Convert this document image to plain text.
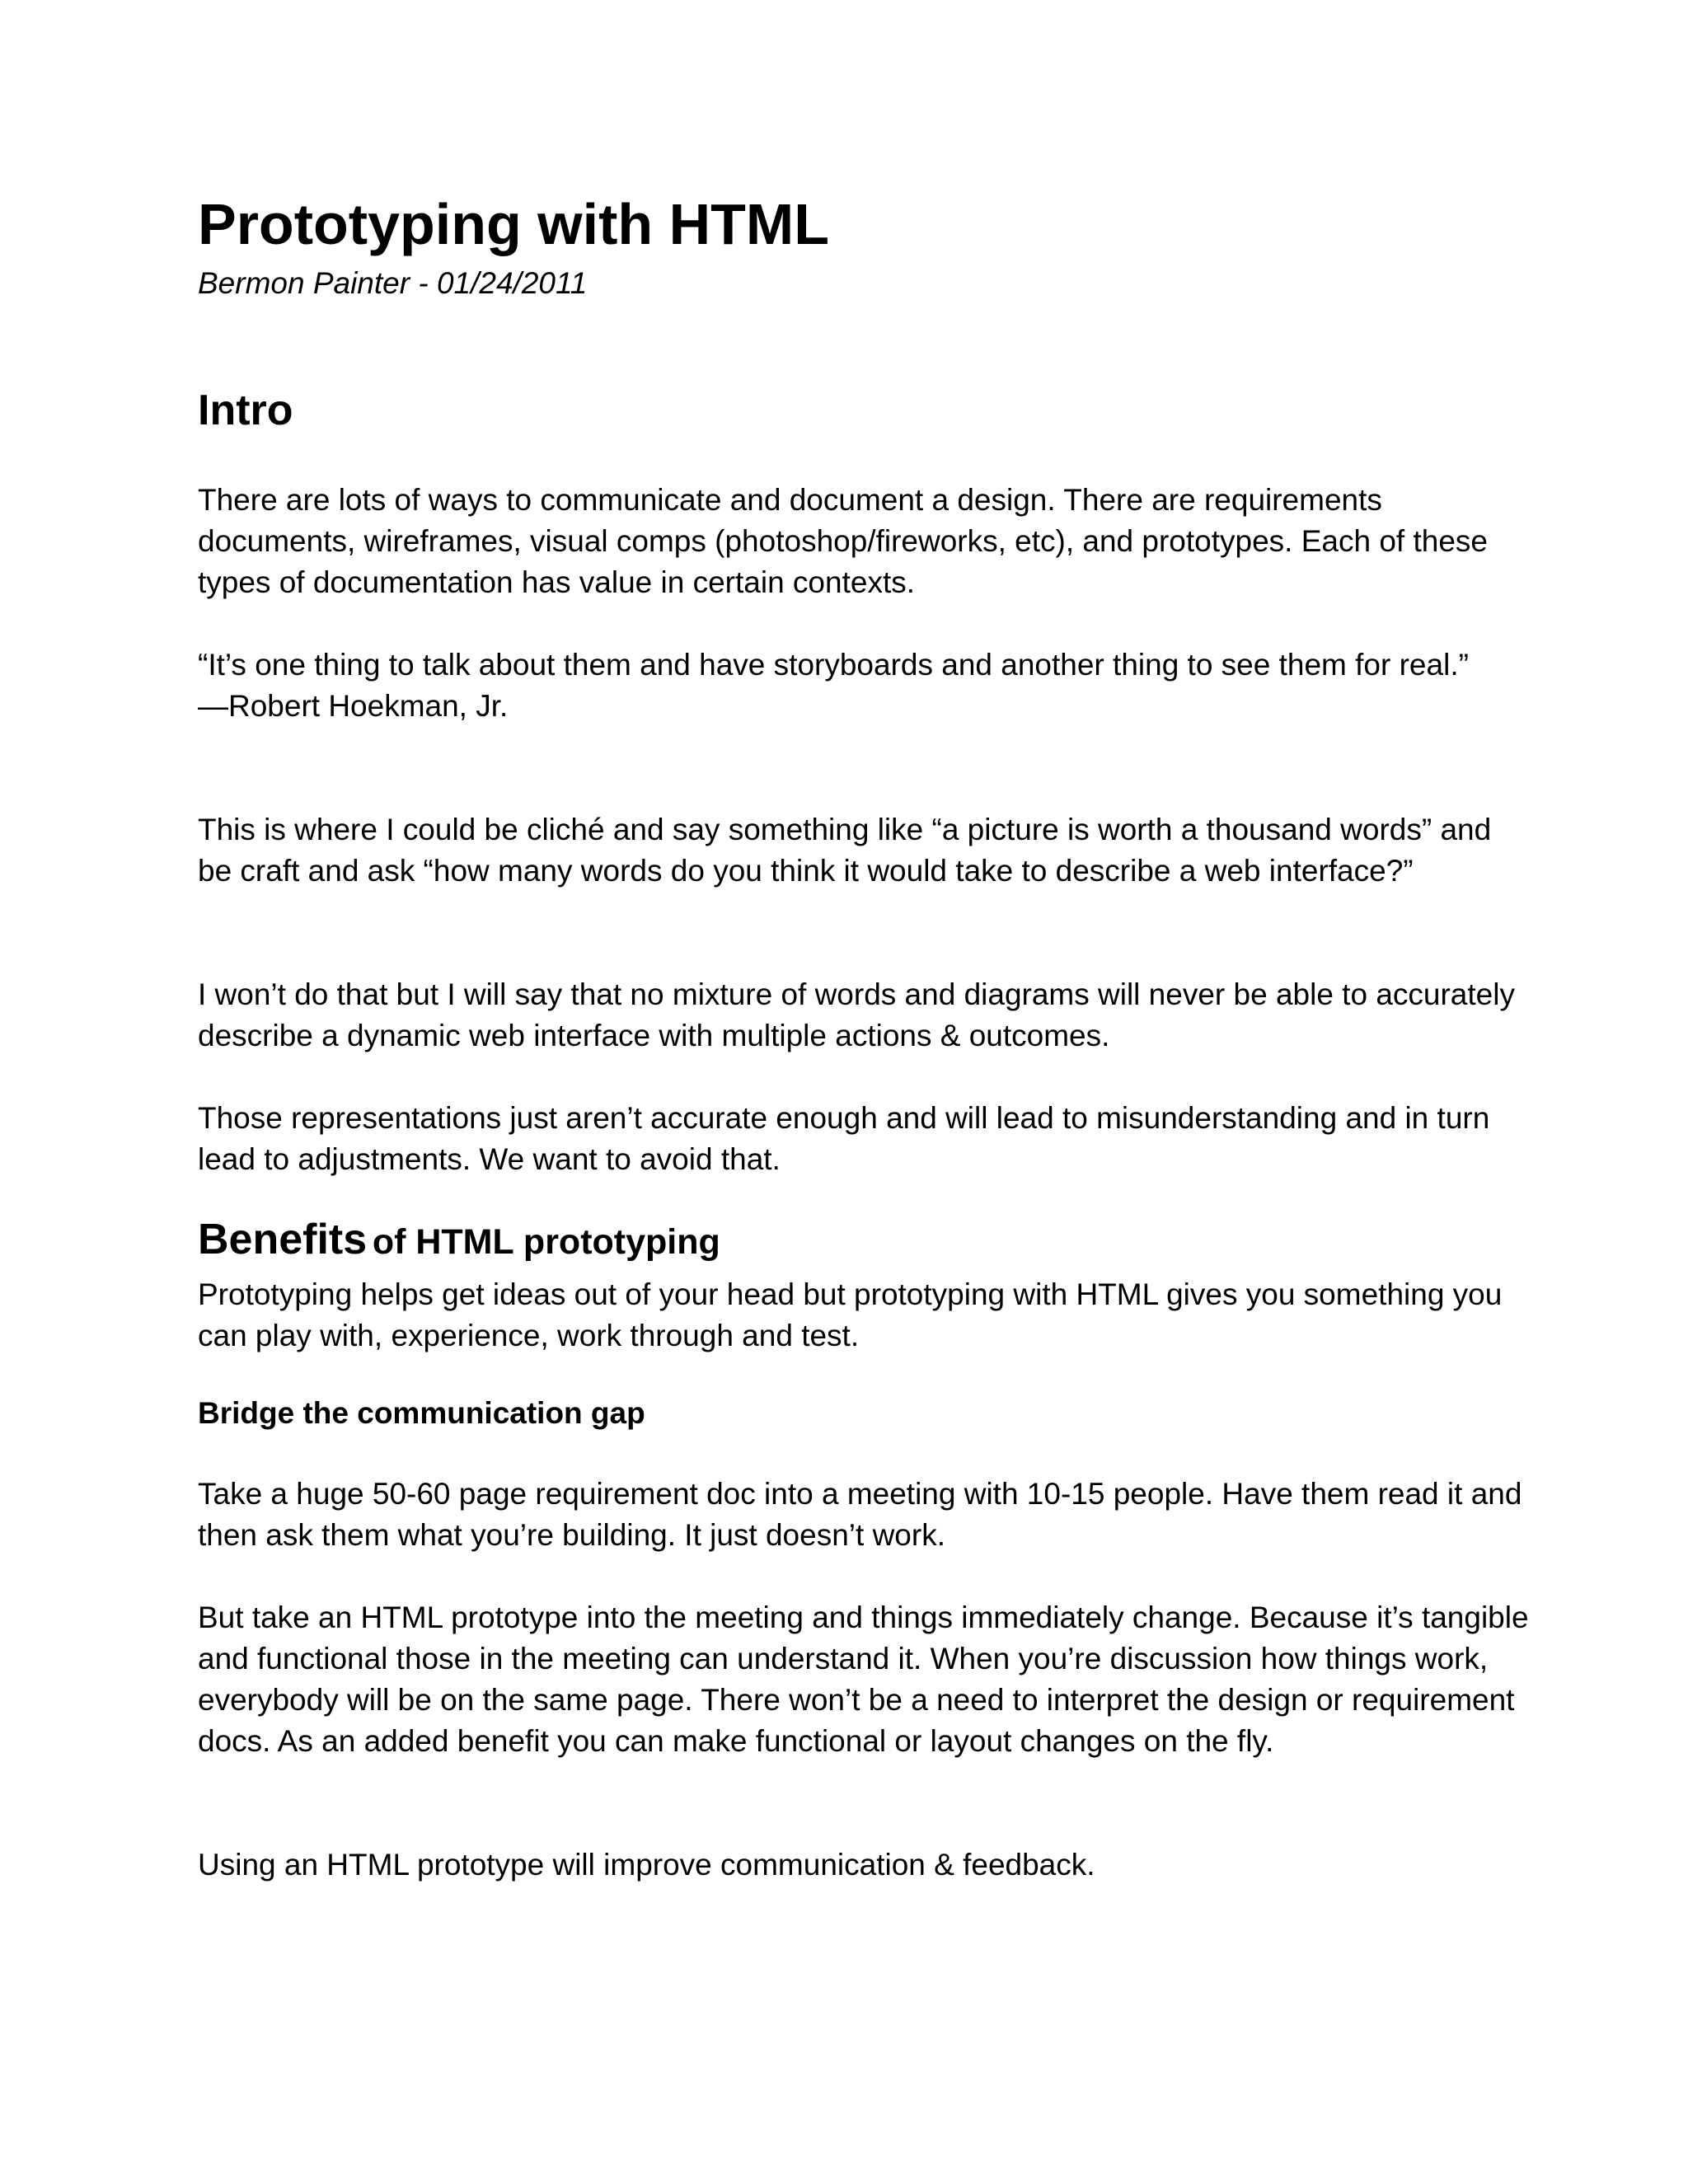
Prototyping with HTML

Bermon Painter - 01/24/2011

Intro

There are lots of ways to communicate and document a design. There are requirements documents, wireframes, visual comps (photoshop/fireworks, etc), and prototypes. Each of these types of documentation has value in certain contexts.

“It’s one thing to talk about them and have storyboards and another thing to see them for real.”
—Robert Hoekman, Jr.

This is where I could be cliché and say something like “a picture is worth a thousand words” and be craft and ask “how many words do you think it would take to describe a web interface?”

I won’t do that but I will say that no mixture of words and diagrams will never be able to accurately describe a dynamic web interface with multiple actions & outcomes.

Those representations just aren’t accurate enough and will lead to misunderstanding and in turn lead to adjustments. We want to avoid that.

Benefits of HTML prototyping

Prototyping helps get ideas out of your head but prototyping with HTML gives you something you can play with, experience, work through and test.

Bridge the communication gap

Take a huge 50-60 page requirement doc into a meeting with 10-15 people. Have them read it and then ask them what you’re building. It just doesn’t work.

But take an HTML prototype into the meeting and things immediately change. Because it’s tangible and functional those in the meeting can understand it. When you’re discussion how things work, everybody will be on the same page. There won’t be a need to interpret the design or requirement docs. As an added benefit you can make functional or layout changes on the fly.

Using an HTML prototype will improve communication & feedback.
